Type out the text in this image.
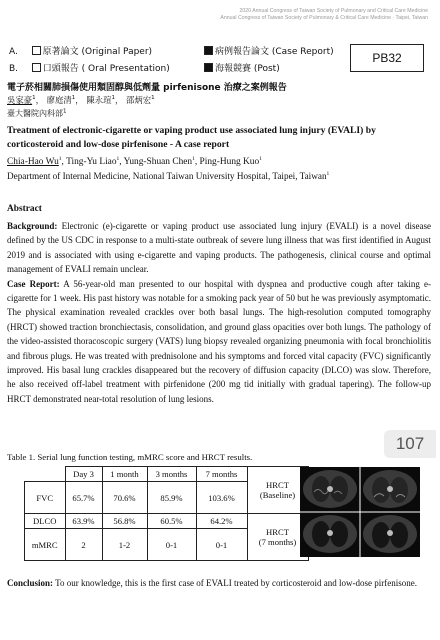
2020 Annual Congress of Taiwan Society of Pulmonary and Critical Care Medicine
Annual Congress of Taiwan Society of Pulmonary & Critical Care Medicine · Taipei, Taiwan
A.	原著論文 (Original Paper)	病例報告論文 (Case Report)
B.	口頭報告 ( Oral Presentation)	海報競賽 (Post)
PB32
電子菸相關肺損傷使用類固醇與低劑量 pirfenisone 治療之案例報告
吳家豪$^1$， 廖庭清$^1$， 陳永瑄$^1$， 邵炳宏$^1$
臺大醫院內科部$^1$
Treatment of electronic-cigarette or vaping product use associated lung injury (EVALI) by corticosteroid and low-dose pirfenisone - A case report
Chia-Hao Wu$^1$, Ting-Yu Liao$^1$, Yung-Shuan Chen$^1$, Ping-Hung Kuo$^1$
Department of Internal Medicine, National Taiwan University Hospital, Taipei, Taiwan$^1$
Abstract

Background: Electronic (e)-cigarette or vaping product use associated lung injury (EVALI) is a novel disease defined by the US CDC in response to a multi-state outbreak of severe lung illness that was first identified in August 2019 and is associated with using e-cigarette and vaping products. The pathogenesis, clinical course and optimal management of EVALI remain unclear.

Case Report: A 56-year-old man presented to our hospital with dyspnea and productive cough after taking e-cigarette for 1 week. His past history was notable for a smoking pack year of 50 but he was previously asymptomatic. The physical examination revealed crackles over both basal lungs. The high-resolution computed tomography (HRCT) showed traction bronchiectasis, consolidation, and ground glass opacities over both lungs. The pathology of the video-assisted thoracoscopic surgery (VATS) lung biopsy revealed organizing pneumonia with focal bronchiolitis and fibrous plugs. He was treated with prednisolone and his symptoms and forced vital capacity (FVC) significantly improved. His basal lung crackles disappeared but the recovery of diffusion capacity (DLCO) was slow. Therefore, he also received off-label treatment with pirfenidone (200 mg tid initially with gradual tapering). The follow-up HRCT demonstrated near-total resolution of lung lesions.

107
Table 1. Serial lung function testing, mMRC score and HRCT results.
	Day 3	1 month	3 months	7 months	HRCT
(Baseline)

FVC	65.7%	70.6%	85.9%	103.6%	
DLCO	63.9%	56.8%	60.5%	64.2%	HRCT
(7 months)

mMRC	2	1-2	0-1	0-1	
Conclusion: To our knowledge, this is the first case of EVALI treated by corticosteroid and low-dose pirfenisone.
